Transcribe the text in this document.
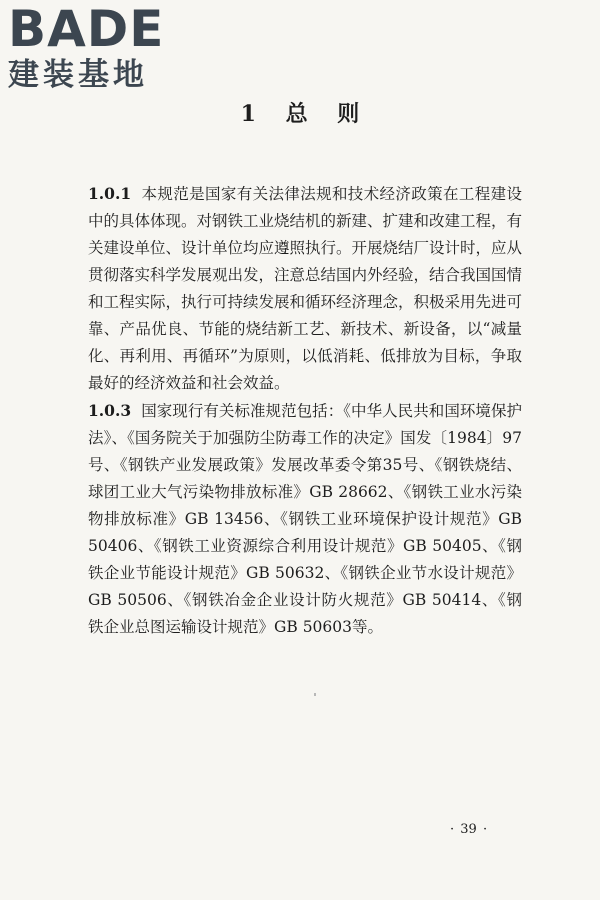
BADE
建装基地
1 总 则

1.0.1 本规范是国家有关法律法规和技术经济政策在工程建设中的具体体现。对钢铁工业烧结机的新建、扩建和改建工程，有关建设单位、设计单位均应遵照执行。开展烧结厂设计时，应从贯彻落实科学发展观出发，注意总结国内外经验，结合我国国情和工程实际，执行可持续发展和循环经济理念，积极采用先进可靠、产品优良、节能的烧结新工艺、新技术、新设备，以“减量化、再利用、再循环”为原则，以低消耗、低排放为目标，争取最好的经济效益和社会效益。

1.0.3 国家现行有关标准规范包括：《中华人民共和国环境保护法》、《国务院关于加强防尘防毒工作的决定》国发〔1984〕97号、《钢铁产业发展政策》发展改革委令第35号、《钢铁烧结、球团工业大气污染物排放标准》GB 28662、《钢铁工业水污染物排放标准》GB 13456、《钢铁工业环境保护设计规范》GB 50406、《钢铁工业资源综合利用设计规范》GB 50405、《钢铁企业节能设计规范》GB 50632、《钢铁企业节水设计规范》GB 50506、《钢铁冶金企业设计防火规范》GB 50414、《钢铁企业总图运输设计规范》GB 50603等。

· 39 ·
